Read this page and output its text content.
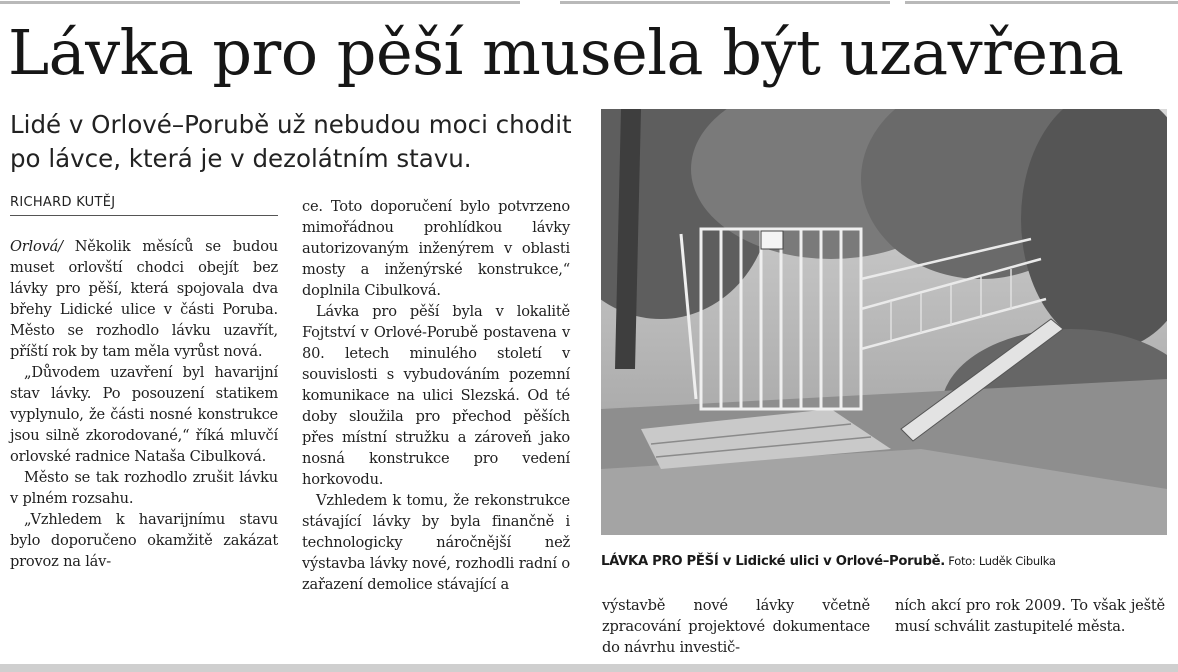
Lávka pro pěší musela být uzavřena

Lidé v Orlové–Porubě už nebudou moci chodit po lávce, která je v dezolátním stavu.

RICHARD KUTĚJ

Orlová/ Několik měsíců se budou muset orlovští chodci obejít bez lávky pro pěší, která spojovala dva břehy Lidické ulice v části Poruba. Město se rozhodlo lávku uzavřít, příští rok by tam měla vyrůst nová.

„Důvodem uzavření byl havarijní stav lávky. Po posouzení statikem vyplynulo, že části nosné konstrukce jsou silně zkorodované,“ říká mluvčí orlovské radnice Nataša Cibulková.

Město se tak rozhodlo zrušit lávku v plném rozsahu.

„Vzhledem k havarijnímu stavu bylo doporučeno okamžitě zakázat provoz na láv-

ce. Toto doporučení bylo potvrzeno mimořádnou prohlídkou lávky autorizovaným inženýrem v oblasti mosty a inženýrské konstrukce,“ doplnila Cibulková.

Lávka pro pěší byla v lokalitě Fojtství v Orlové-Porubě postavena v 80. letech minulého století v souvislosti s vybudováním pozemní komunikace na ulici Slezská. Od té doby sloužila pro přechod pěších přes místní stružku a zároveň jako nosná konstrukce pro vedení horkovodu.

Vzhledem k tomu, že rekonstrukce stávající lávky by byla finančně i technologicky náročnější než výstavba lávky nové, rozhodli radní o zařazení demolice stávající a

LÁVKA PRO PĚŠÍ v Lidické ulici v Orlové–Porubě. Foto: Luděk Cibulka

výstavbě nové lávky včetně zpracování projektové dokumentace do návrhu investič-

ních akcí pro rok 2009. To však ještě musí schválit zastupitelé města.
